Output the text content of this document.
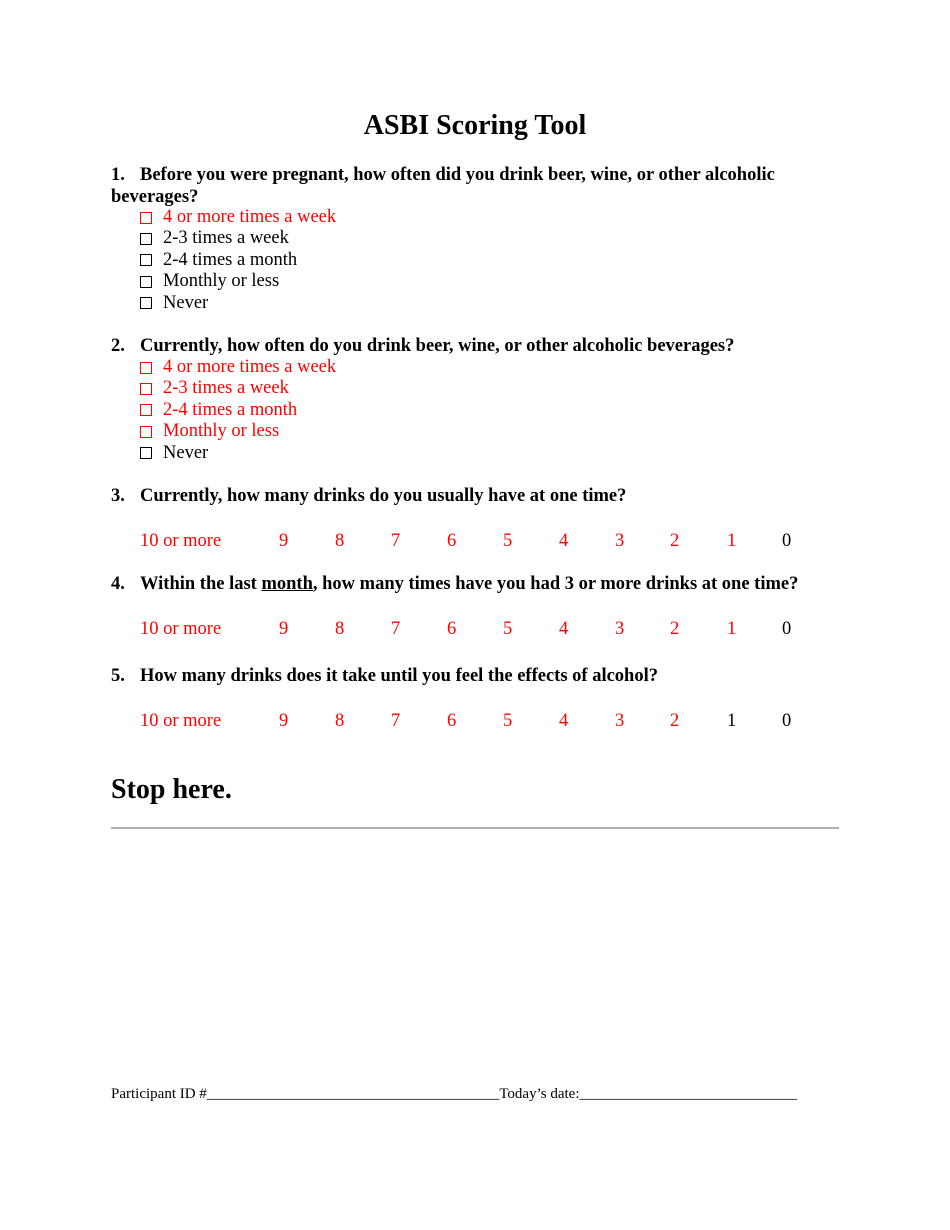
ASBI Scoring Tool
1. Before you were pregnant, how often did you drink beer, wine, or other alcoholic beverages?
4 or more times a week
2-3 times a week
2-4 times a month
Monthly or less
Never
2. Currently, how often do you drink beer, wine, or other alcoholic beverages?
4 or more times a week
2-3 times a week
2-4 times a month
Monthly or less
Never
3. Currently, how many drinks do you usually have at one time?
10 or more	9	8	7	6	5	4	3 2	1 0
4. Within the last month, how many times have you had 3 or more drinks at one time?
10 or more	9	8	7	6	5	4	3 2	1 0
5. How many drinks does it take until you feel the effects of alcohol?
10 or more	9	8	7	6	5	4	3 2	1 0
Stop here.
Participant ID #_______________________________________Today’s date:_____________________________
